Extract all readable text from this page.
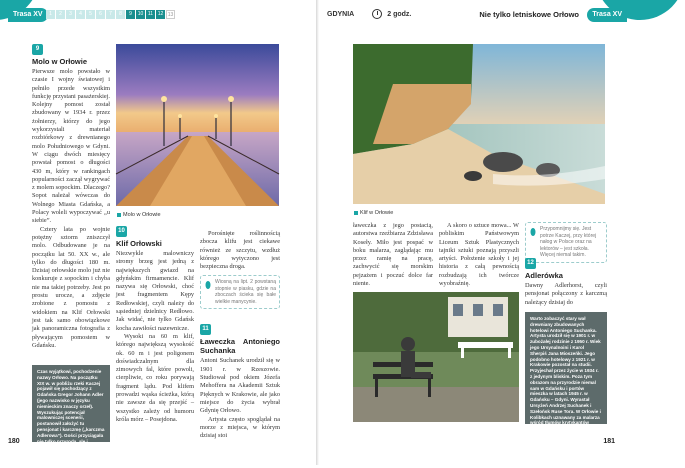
Trasa XV	1	2	3	4	5	6	7	8	9	10 11 12 13
9
Molo w Orłowie

Pierwsze molo powstało w czasie I wojny światowej i pełniło przede wszystkim funkcję przystani pasażerskiej. Kolejny pomost został zbudowany w 1934 r. przez żołnierzy, którzy do jego wykorzystali materiał rozbiórkowy z drewnianego molo Południowego w Gdyni. W ciągu dwóch miesięcy powstał pomost o długości 430 m, który w rankingach popularności zaczął wygrywać z molem sopockim. Dlaczego? Sopot należał wówczas do Wolnego Miasta Gdańska, a Polacy woleli wypoczywać „u siebie”.

Cztery lata po wojnie potężny sztorm zniszczył molo. Odbudowane je na początku lat 50. XX w., ale tylko do długości 180 m. Dzisiaj orłowskie molo już nie konkuruje z sopockim i chyba nie ma takiej potrzeby. Jest po prostu urocze, a zdjęcie zrobione z pomostu z widokiem na Klif Orłowski jest tak samo obowiązkowe jak panoramiczna fotografia z pływającym pomostem w Gdańsku.

Czas wyjątkowi, pochodzenie nazwy Orłowo. Na początku XIX w. w pobliżu rzeki Kaczej pojawił się pochodzący z Gdańska Gregor Johann Adler (jego nazwisko w języku niemieckim znaczy orzeł). Wyszukując potencjał malowniczej scenerii, postanowił założyć tu pensjonat i karczmę („karczma Adlerowa”). Gości przyciągała nie tylko przyroda, ale i kuchnia, z której słynęła rodzinna posiadłość. Tak właśnie powstała nazwa Orłowo.
Molo w Orłowie
10
Klif Orłowski

Niezwykle malowniczy stromy brzeg jest jedną z największych gwiazd na gdyńskim firmamencie. Klif nazywa się Orłowski, choć jest fragmentem Kępy Redłowskiej, czyli należy do sąsiedniej dzielnicy Redłowo. Jak widać, nie tylko Gdańsk kocha zawiłości nazewnicze.

Wysoki na 60 m klif, którego największą wysokość ok. 60 m i jest poligonem doświadczalnym dla zimowych fal, które powoli, cierpliwie, co roku porywają fragment lądu. Pod klifem prowadzi wąska ścieżka, którą nie zawsze da się przejść – wszystko zależy od humoru króla mórz – Posejdona.

Porośnięte roślinnością zbocza klifu jest ciekawe również ze szczytu, wzdłuż którego wytyczono jest bezpieczna droga.

Wiosną na lipt. 2 powstaną stopnie w piasku, gdzie na zboczach ścieka się bałe wielkie manycynie.
11
Ławeczka Antoniego Suchanka

Antoni Suchanek urodził się w 1901 r. w Rzeszowie. Studiował pod okiem Józefa Mehoffera na Akademii Sztuk Pięknych w Krakowie, ale jako miejsce do życia wybrał Gdynię Orłowo.

Artysta często spoglądał na morze z miejsca, w którym dzisiaj stoi

180
GDYNIA	2 godz.	Nie tylko letniskowe Orłowo	Trasa XV
Klif w Orłowie
ławeczka z jego postacią, autorstwa rzeźbiarza Zdzisława Koseły. Miło jest pospać w boku malarza, zaglądając mu przez ramię na pracę, zachwycić się morskim pejzażem i poczuć dolce far niente.
A skoro o sztuce mowa... W pobliskim Państwowym Liceum Sztuk Plastycznych tajniki sztuki poznają przyszli artyści. Położenie szkoły i jej historia z całą pewnością rozbudzają ich twórcze wyobraźnię.
Przypomnijmy się. Jest potrze Kaczej, przy której nałog w Polsce oraz na lektorów – jest szkoła. Więcej niemal takim.
12
Adlerówka

Dawny Adlerhorst, czyli pensjonat połączony z karczmą należący dzisiaj do

Warto zobaczyć stary wał drewniany zbudowanych hotelowi Antoniego Suchanka. Artysta urodził się w 1901 r. w zubożałej rodzinie z 1950 r. Wiek jego Ursynalnoini i Karol Sherpiś Jana Mioszeńki. Jego podobno hotelowy z 1921 r. w Krakowie pozostał na studii. Przyjechał przez życie w 1934 r. z jedynym bliskim. Poza tym obrazom na przyrodzie niemal sam w Gdańsku i portów mieszka w latach 1945 r. w Gdańsku – Gdyni. Wyrastał Ursyżeń Andrzej Suchanek i Szełońsk Ruse Tora. W Orłowie i Kolibkach uznawany za malarza wśród tłumów krytykantów Gdyni.
181
